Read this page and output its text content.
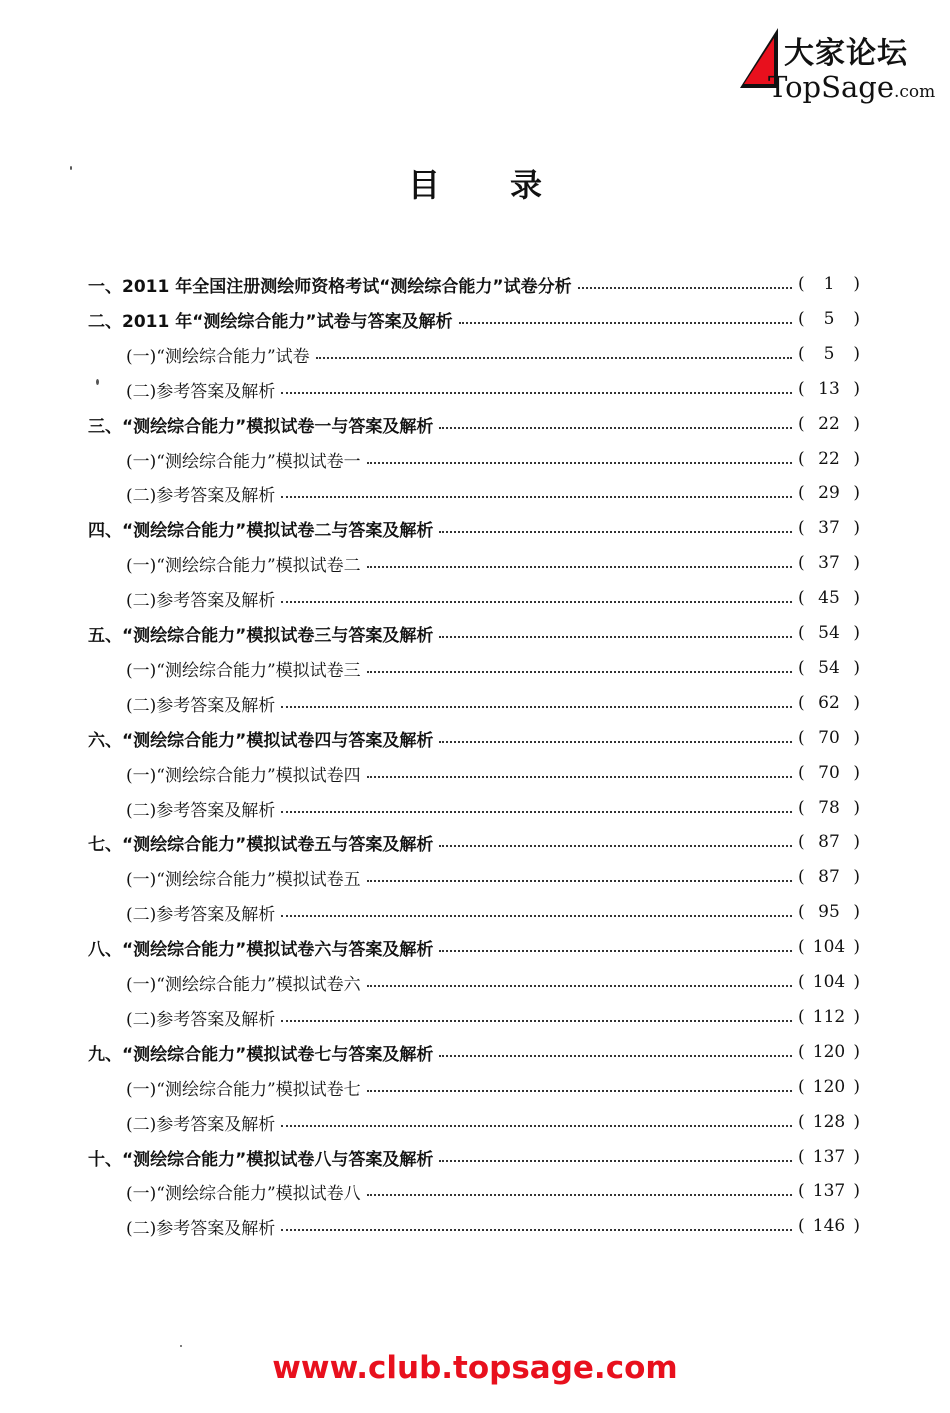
大家论坛
TopSage.com
目录
一、2011 年全国注册测绘师资格考试“测绘综合能力”试卷分析	(	1	)
二、2011 年“测绘综合能力”试卷与答案及解析	(	5	)
(一)“测绘综合能力”试卷	(	5	)
(二)参考答案及解析	( 13 )
三、“测绘综合能力”模拟试卷一与答案及解析	( 22 )
(一)“测绘综合能力”模拟试卷一	( 22 )
(二)参考答案及解析	( 29 )
四、“测绘综合能力”模拟试卷二与答案及解析	( 37 )
(一)“测绘综合能力”模拟试卷二	( 37 )
(二)参考答案及解析	( 45 )
五、“测绘综合能力”模拟试卷三与答案及解析	( 54 )
(一)“测绘综合能力”模拟试卷三	( 54 )
(二)参考答案及解析	( 62 )
六、“测绘综合能力”模拟试卷四与答案及解析	( 70 )
(一)“测绘综合能力”模拟试卷四	( 70 )
(二)参考答案及解析	( 78 )
七、“测绘综合能力”模拟试卷五与答案及解析	( 87 )
(一)“测绘综合能力”模拟试卷五	( 87 )
(二)参考答案及解析	( 95 )
八、“测绘综合能力”模拟试卷六与答案及解析	( 104 )
(一)“测绘综合能力”模拟试卷六	( 104 )
(二)参考答案及解析	( 112 )
九、“测绘综合能力”模拟试卷七与答案及解析	( 120 )
(一)“测绘综合能力”模拟试卷七	( 120 )
(二)参考答案及解析	( 128 )
十、“测绘综合能力”模拟试卷八与答案及解析	( 137 )
(一)“测绘综合能力”模拟试卷八	( 137 )
(二)参考答案及解析	( 146 )
www.club.topsage.com
